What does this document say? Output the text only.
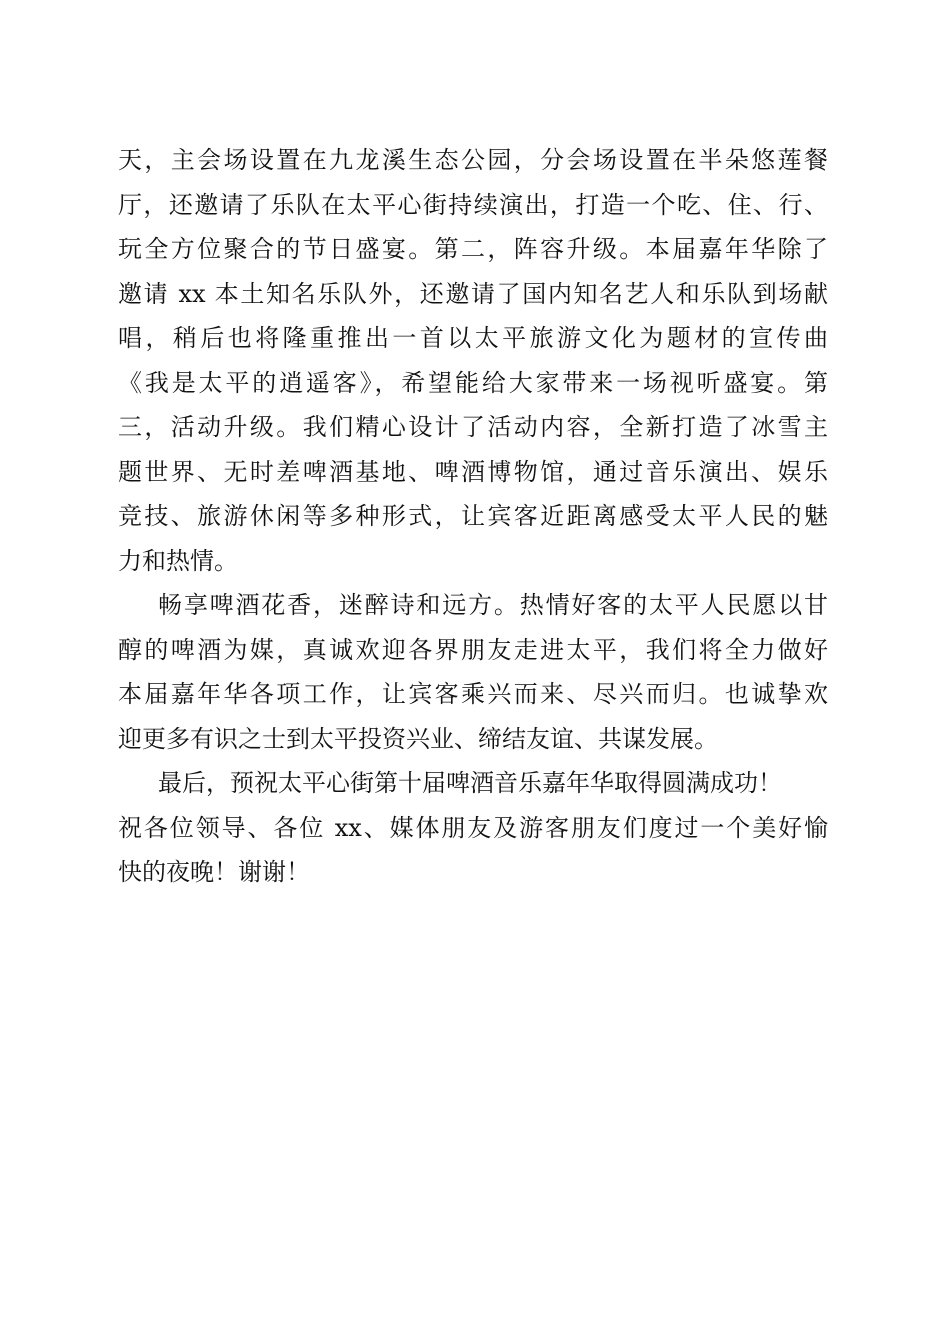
天，主会场设置在九龙溪生态公园，分会场设置在半朵悠莲餐
厅，还邀请了乐队在太平心街持续演出，打造一个吃、住、行、
玩全方位聚合的节日盛宴。第二，阵容升级。本届嘉年华除了
邀请 xx 本土知名乐队外，还邀请了国内知名艺人和乐队到场献
唱，稍后也将隆重推出一首以太平旅游文化为题材的宣传曲
《我是太平的逍遥客》，希望能给大家带来一场视听盛宴。第
三，活动升级。我们精心设计了活动内容，全新打造了冰雪主
题世界、无时差啤酒基地、啤酒博物馆，通过音乐演出、娱乐
竞技、旅游休闲等多种形式，让宾客近距离感受太平人民的魅
力和热情。
畅享啤酒花香，迷醉诗和远方。热情好客的太平人民愿以甘
醇的啤酒为媒，真诚欢迎各界朋友走进太平，我们将全力做好
本届嘉年华各项工作，让宾客乘兴而来、尽兴而归。也诚挚欢
迎更多有识之士到太平投资兴业、缔结友谊、共谋发展。
最后，预祝太平心街第十届啤酒音乐嘉年华取得圆满成功！
祝各位领导、各位 xx、媒体朋友及游客朋友们度过一个美好愉
快的夜晚！谢谢！
